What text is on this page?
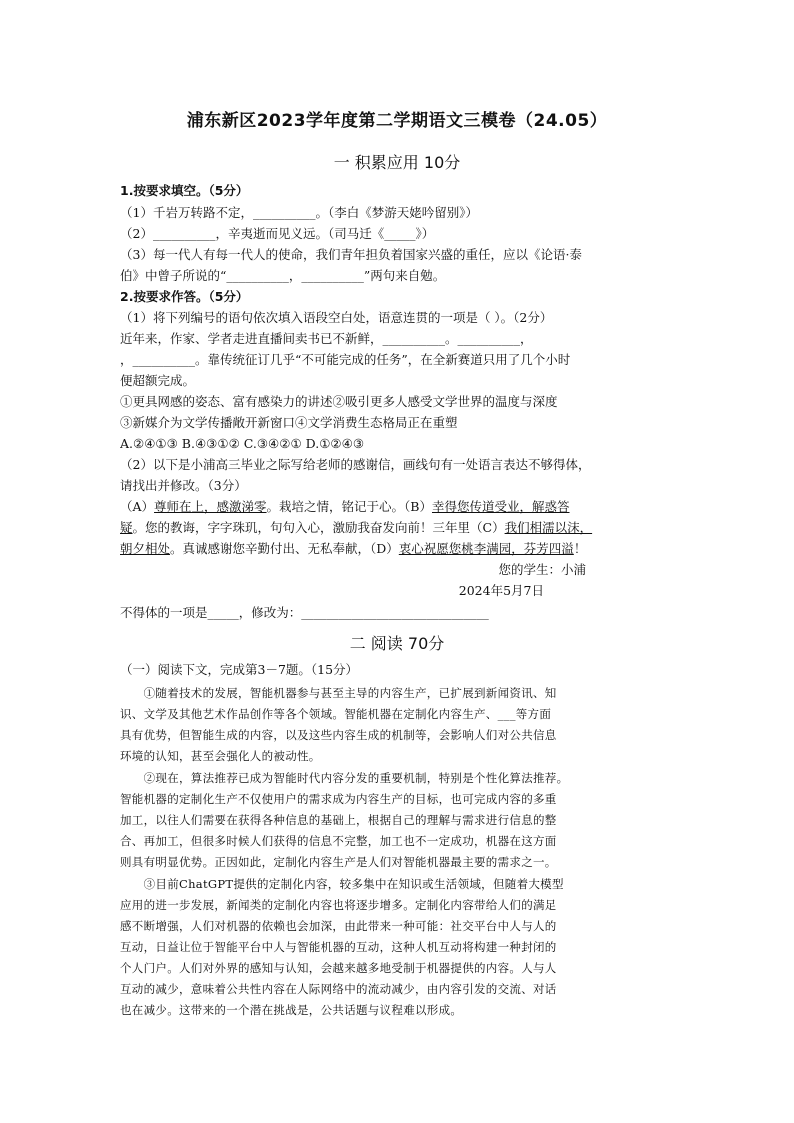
浦东新区2023学年度第二学期语文三模卷（24.05）
一 积累应用 10分
1.按要求填空。（5分）
（1）千岩万转路不定，__________。（李白《梦游天姥吟留别》）
（2）__________，辛夷逝而见义远。（司马迁《_____》）
（3）每一代人有每一代人的使命，我们青年担负着国家兴盛的重任，应以《论语·泰
伯》中曾子所说的“__________，__________”两句来自勉。
2.按要求作答。（5分）
（1）将下列编号的语句依次填入语段空白处，语意连贯的一项是（ ）。（2分）
近年来，作家、学者走进直播间卖书已不新鲜，__________。__________，
，__________。靠传统征订几乎“不可能完成的任务”，在全新赛道只用了几个小时
便超额完成。
①更具网感的姿态、富有感染力的讲述②吸引更多人感受文学世界的温度与深度
③新媒介为文学传播敞开新窗口④文学消费生态格局正在重塑
A.②④①③ B.④③①② C.③④②① D.①②④③
（2）以下是小浦高三毕业之际写给老师的感谢信，画线句有一处语言表达不够得体，
请找出并修改。（3分）
（A）尊师在上，感激涕零。栽培之情，铭记于心。（B）幸得您传道受业，解惑答
疑。您的教诲，字字珠玑，句句入心，激励我奋发向前！三年里（C）我们相濡以沫，
朝夕相处。真诚感谢您辛勤付出、无私奉献，（D）衷心祝愿您桃李满园，芬芳四溢！
您的学生：小浦
2024年5月7日
不得体的一项是_____，修改为：______________________________
二 阅读 70分
（一）阅读下文，完成第3－7题。（15分）
　　①随着技术的发展，智能机器参与甚至主导的内容生产，已扩展到新闻资讯、知
识、文学及其他艺术作品创作等各个领域。智能机器在定制化内容生产、___等方面
具有优势，但智能生成的内容，以及这些内容生成的机制等，会影响人们对公共信息
环境的认知，甚至会强化人的被动性。
　　②现在，算法推荐已成为智能时代内容分发的重要机制，特别是个性化算法推荐。
智能机器的定制化生产不仅使用户的需求成为内容生产的目标，也可完成内容的多重
加工，以往人们需要在获得各种信息的基础上，根据自己的理解与需求进行信息的整
合、再加工，但很多时候人们获得的信息不完整，加工也不一定成功，机器在这方面
则具有明显优势。正因如此，定制化内容生产是人们对智能机器最主要的需求之一。
　　③目前ChatGPT提供的定制化内容，较多集中在知识或生活领域，但随着大模型
应用的进一步发展，新闻类的定制化内容也将逐步增多。定制化内容带给人们的满足
感不断增强，人们对机器的依赖也会加深，由此带来一种可能：社交平台中人与人的
互动，日益让位于智能平台中人与智能机器的互动，这种人机互动将构建一种封闭的
个人门户。人们对外界的感知与认知，会越来越多地受制于机器提供的内容。人与人
互动的减少，意味着公共性内容在人际网络中的流动减少，由内容引发的交流、对话
也在减少。这带来的一个潜在挑战是，公共话题与议程难以形成。
